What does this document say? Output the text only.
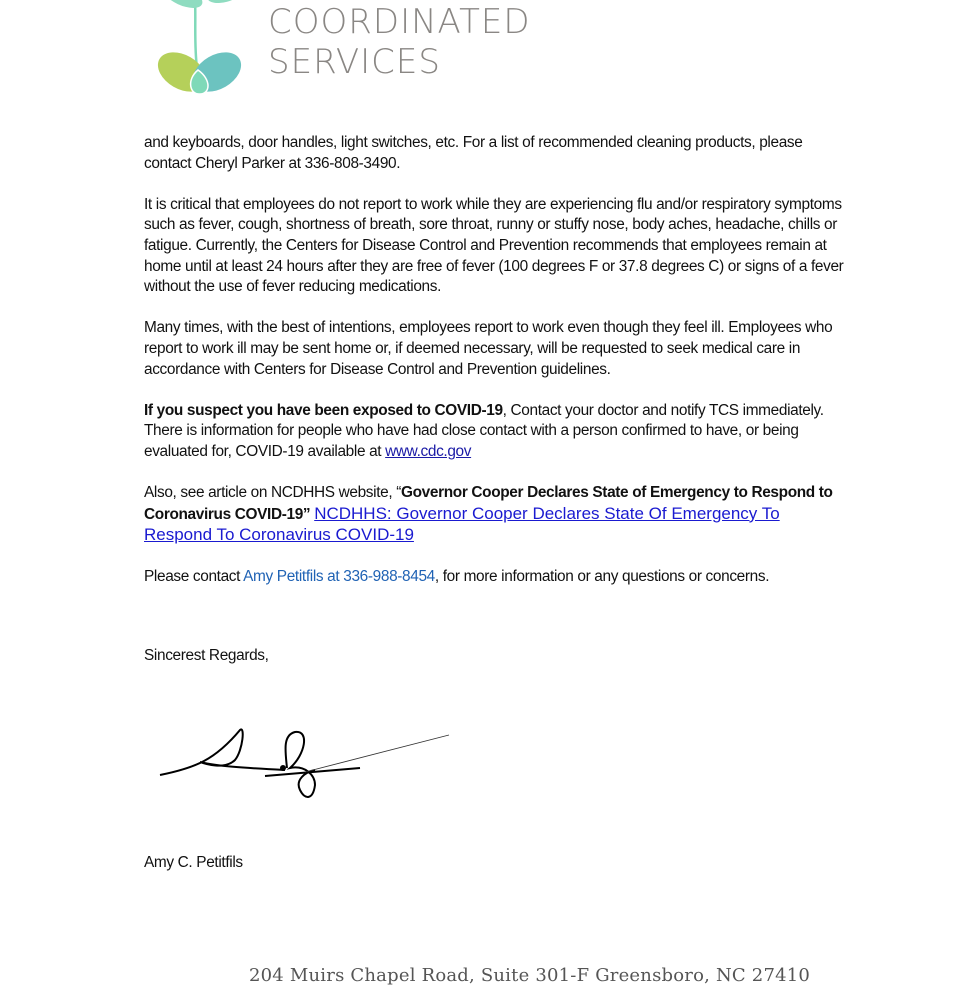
COORDINATED
SERVICES

and keyboards, door handles, light switches, etc. For a list of recommended cleaning products, please contact Cheryl Parker at 336-808-3490.

It is critical that employees do not report to work while they are experiencing flu and/or respiratory symptoms such as fever, cough, shortness of breath, sore throat, runny or stuffy nose, body aches, headache, chills or fatigue. Currently, the Centers for Disease Control and Prevention recommends that employees remain at home until at least 24 hours after they are free of fever (100 degrees F or 37.8 degrees C) or signs of a fever without the use of fever reducing medications.

Many times, with the best of intentions, employees report to work even though they feel ill. Employees who report to work ill may be sent home or, if deemed necessary, will be requested to seek medical care in accordance with Centers for Disease Control and Prevention guidelines.

If you suspect you have been exposed to COVID-19, Contact your doctor and notify TCS immediately. There is information for people who have had close contact with a person confirmed to have, or being evaluated for, COVID-19 available at www.cdc.gov

Also, see article on NCDHHS website, “Governor Cooper Declares State of Emergency to Respond to Coronavirus COVID-19” NCDHHS: Governor Cooper Declares State Of Emergency To Respond To Coronavirus COVID-19

Please contact Amy Petitfils at 336-988-8454, for more information or any questions or concerns.

Sincerest Regards,
Amy C. Petitfils
204 Muirs Chapel Road, Suite 301-F Greensboro, NC 27410
